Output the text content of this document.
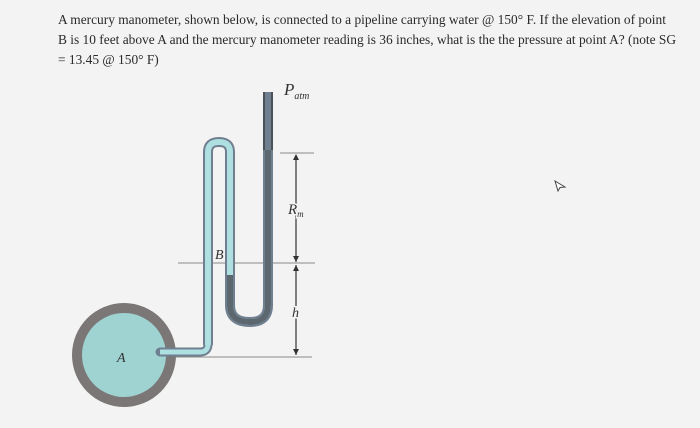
A mercury manometer, shown below, is connected to a pipeline carrying water @ 150° F. If the elevation of point B is 10 feet above A and the mercury manometer reading is 36 inches, what is the the pressure at point A? (note SG = 13.45 @ 150° F)

A
$P_{atm}$
B
$R_m$
h
